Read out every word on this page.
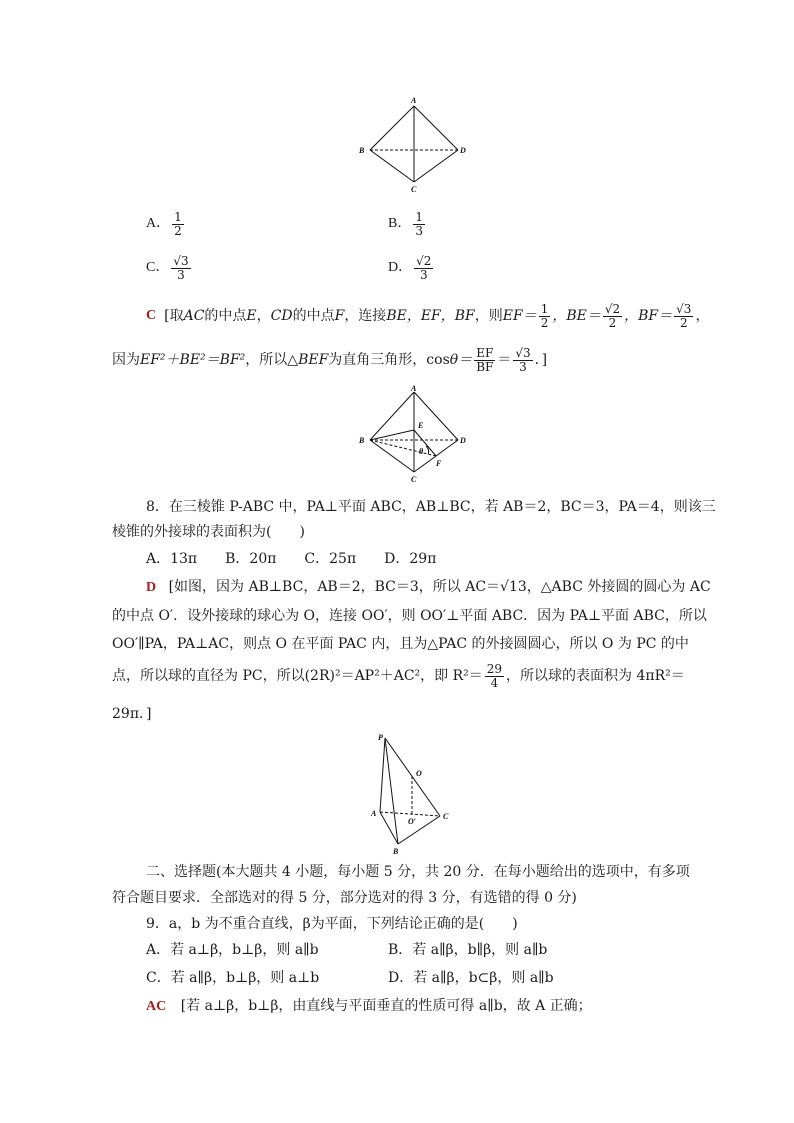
A
B	D
C
A． $\frac{1}{2}$	B． $\frac{1}{3}$
C． $\frac{√3}{3}$	D． $\frac{√2}{3}$
C [取 AC 的中点 E ， CD 的中点 F ，连接 BE，EF，BF ，则 $EF= \frac{1}{2}$ ，$BE= \frac{√2}{2}$ ，$BF= \frac{√3}{2}$ ，
因为 EF²＋BE²＝BF² ，所以△ BEF 为直角三角形，$\cos \theta= \frac{EF}{BF} = \frac{√3}{3}$ ．]
A
B	D
C
E
F
θ
8．在三棱锥 P-ABC 中，PA⊥平面 ABC，AB⊥BC，若 AB＝2，BC＝3，PA＝4，则该三
棱锥的外接球的表面积为(　　)
A．13π　　B．20π　　C．25π　　D．29π
D [如图，因为 AB⊥BC，AB＝2，BC＝3，所以 AC＝√13，△ABC 外接圆的圆心为 AC
的中点 O′．设外接球的球心为 O，连接 OO′，则 OO′⊥平面 ABC．因为 PA⊥平面 ABC，所以
OO′∥PA，PA⊥AC，则点 O 在平面 PAC 内，且为△PAC 的外接圆圆心，所以 O 为 PC 的中
点，所以球的直径为 PC，所以(2R)²＝AP²＋AC²，即 $R^2= \frac{29}{4}$ ，所以球的表面积为 4πR²＝
29π．]
P
O
A
O′
C
B
二、选择题(本大题共 4 小题，每小题 5 分，共 20 分．在每小题给出的选项中，有多项
符合题目要求．全部选对的得 5 分，部分选对的得 3 分，有选错的得 0 分)
9．a，b 为不重合直线，β为平面，下列结论正确的是(　　)
A．若 a⊥β，b⊥β，则 a∥b	B．若 a∥β，b∥β，则 a∥b
C．若 a∥β，b⊥β，则 a⊥b	D．若 a∥β，b⊂β，则 a∥b
AC [若 a⊥β，b⊥β，由直线与平面垂直的性质可得 a∥b，故 A 正确；
